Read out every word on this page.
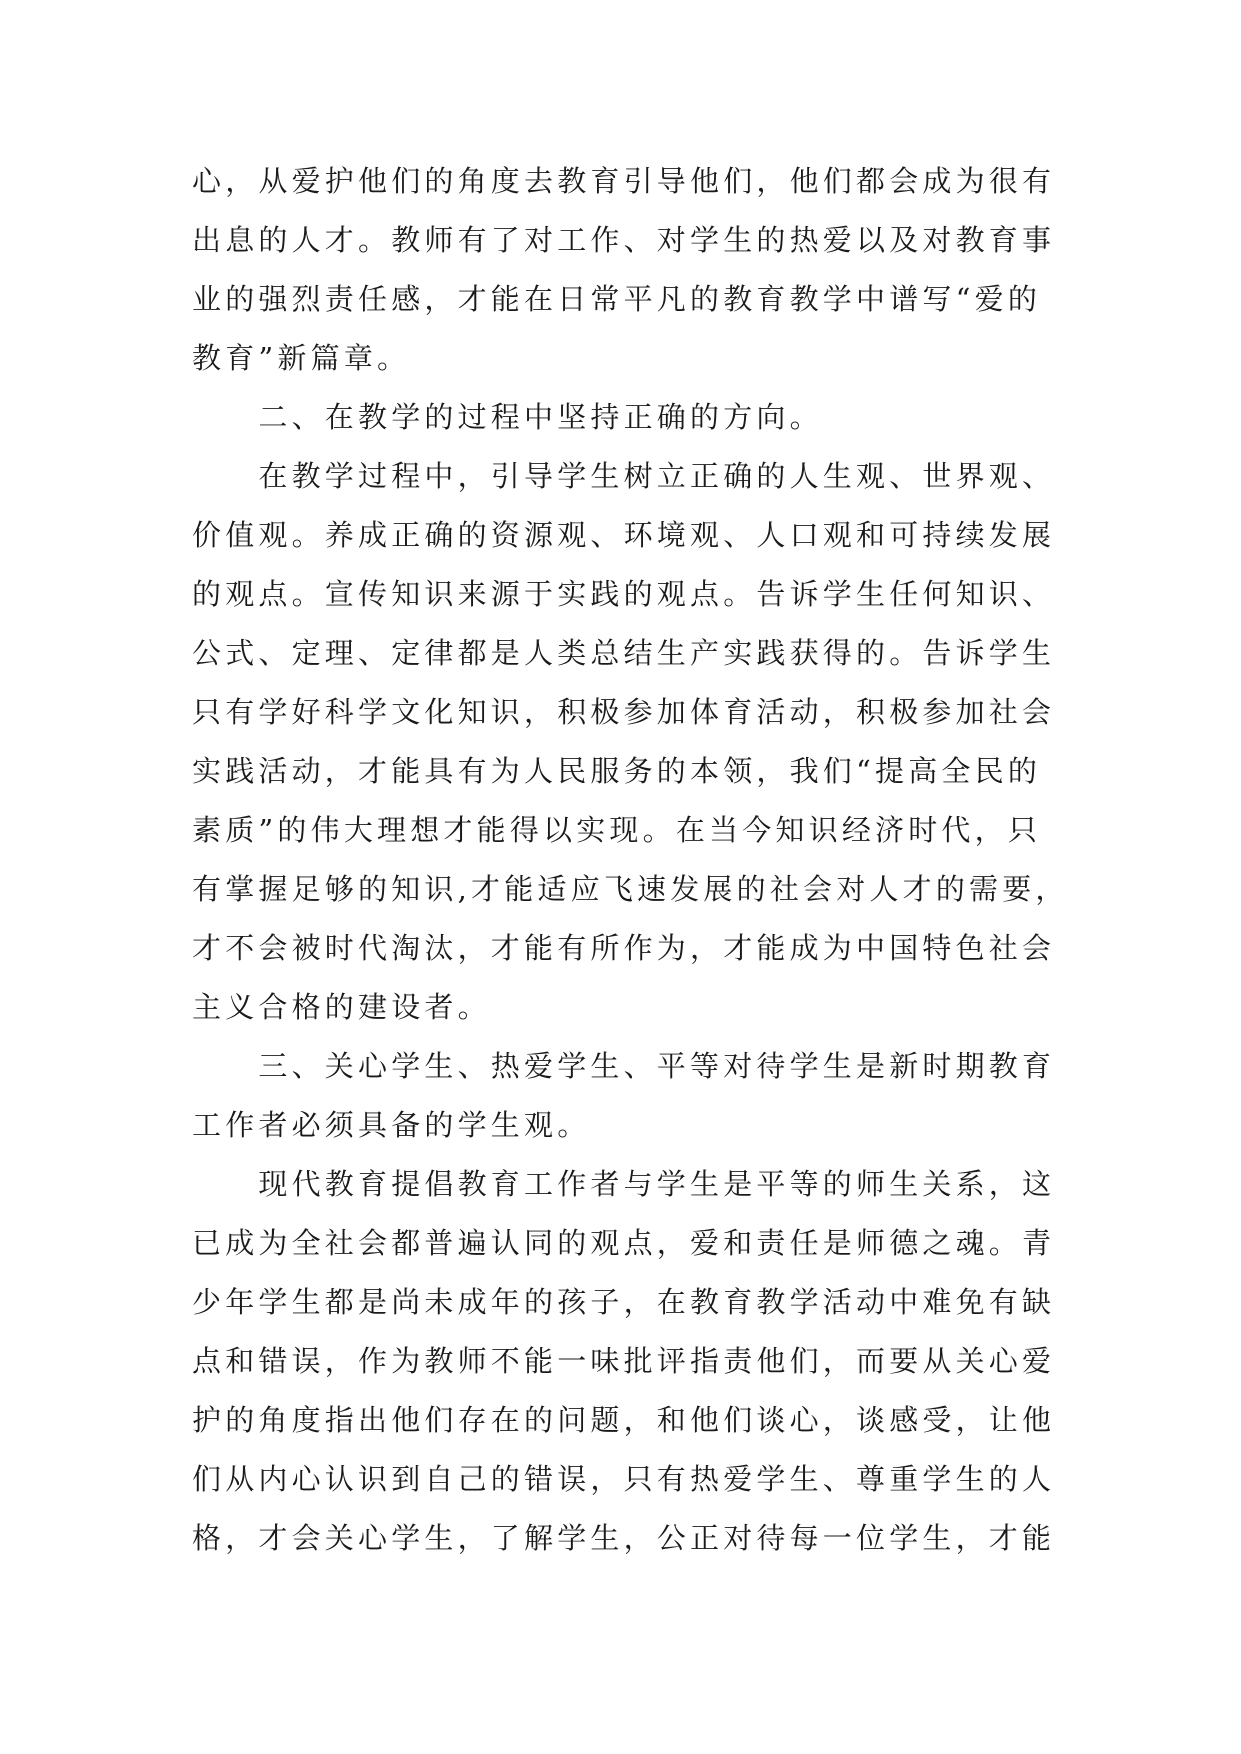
心，从爱护他们的角度去教育引导他们，他们都会成为很有
出息的人才。教师有了对工作、对学生的热爱以及对教育事
业的强烈责任感，才能在日常平凡的教育教学中谱写“爱的
教育”新篇章。
　　二、在教学的过程中坚持正确的方向。
　　在教学过程中，引导学生树立正确的人生观、世界观、
价值观。养成正确的资源观、环境观、人口观和可持续发展
的观点。宣传知识来源于实践的观点。告诉学生任何知识、
公式、定理、定律都是人类总结生产实践获得的。告诉学生
只有学好科学文化知识，积极参加体育活动，积极参加社会
实践活动，才能具有为人民服务的本领，我们“提高全民的
素质”的伟大理想才能得以实现。在当今知识经济时代，只
有掌握足够的知识,才能适应飞速发展的社会对人才的需要，
才不会被时代淘汰，才能有所作为，才能成为中国特色社会
主义合格的建设者。
　　三、关心学生、热爱学生、平等对待学生是新时期教育
工作者必须具备的学生观。
　　现代教育提倡教育工作者与学生是平等的师生关系，这
已成为全社会都普遍认同的观点，爱和责任是师德之魂。青
少年学生都是尚未成年的孩子，在教育教学活动中难免有缺
点和错误，作为教师不能一味批评指责他们，而要从关心爱
护的角度指出他们存在的问题，和他们谈心，谈感受，让他
们从内心认识到自己的错误，只有热爱学生、尊重学生的人
格，才会关心学生，了解学生，公正对待每一位学生，才能
